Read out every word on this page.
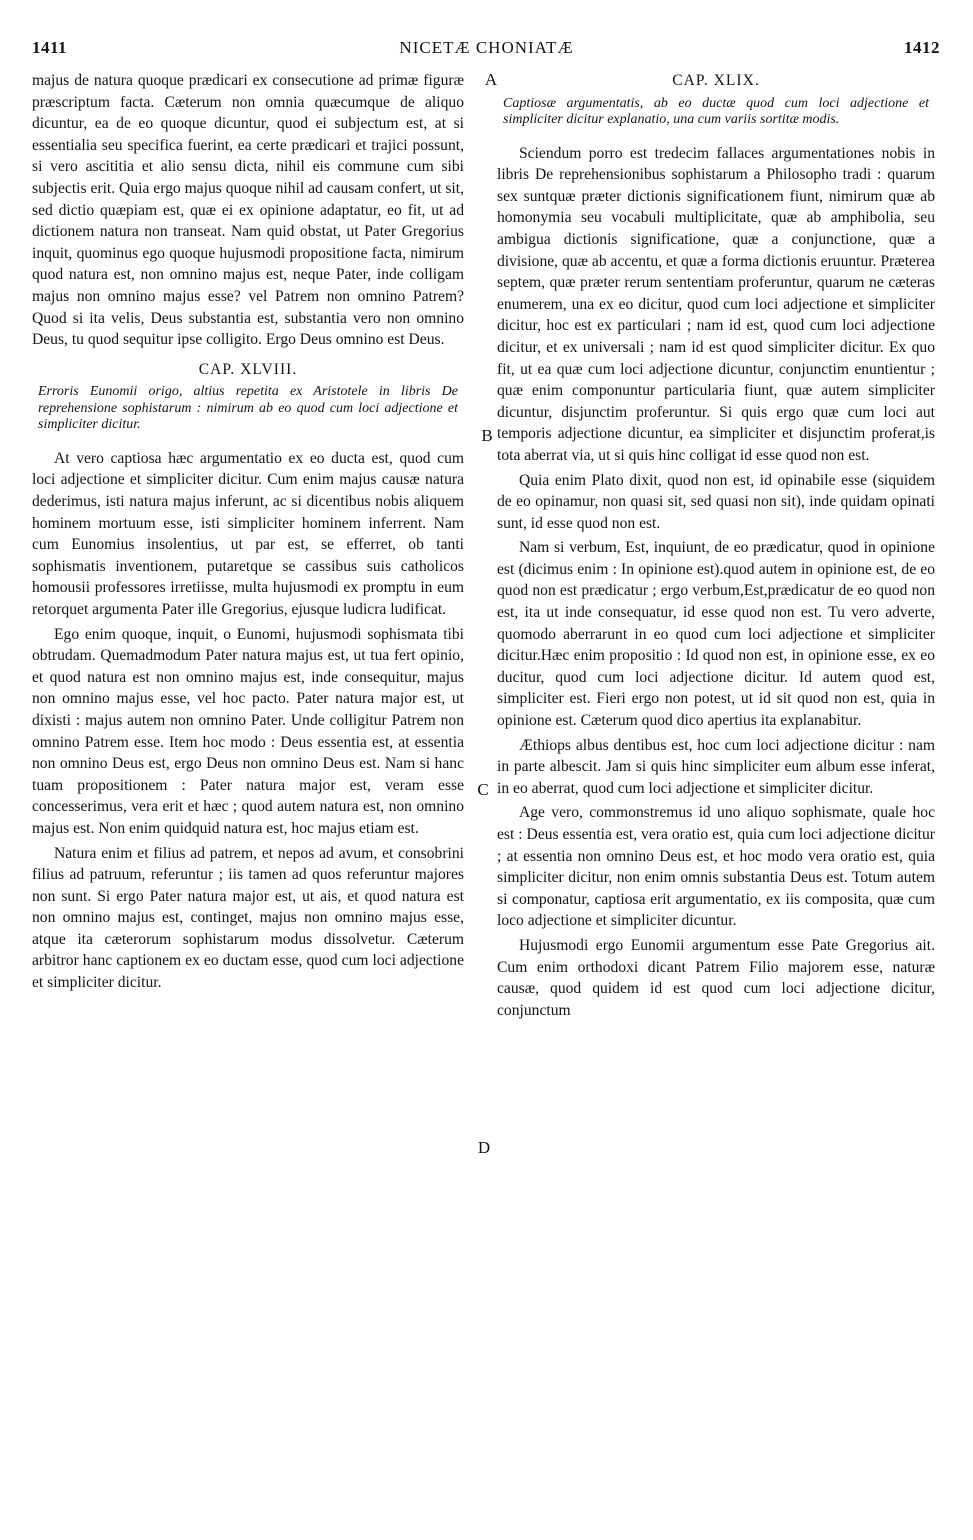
1411	NICETÆ CHONIATÆ	1412
A
B
C
D

majus de natura quoque prædicari ex consecutione ad primæ figuræ præscriptum facta. Cæterum non omnia quæcumque de aliquo dicuntur, ea de eo quoque dicuntur, quod ei subjectum est, at si essentialia seu specifica fuerint, ea certe prædicari et trajici possunt, si vero ascititia et alio sensu dicta, nihil eis commune cum sibi subjectis erit. Quia ergo majus quoque nihil ad causam confert, ut sit, sed dictio quæpiam est, quæ ei ex opinione adaptatur, eo fit, ut ad dictionem natura non transeat. Nam quid obstat, ut Pater Gregorius inquit, quominus ego quoque hujusmodi propositione facta, nimirum quod natura est, non omnino majus est, neque Pater, inde colligam majus non omnino majus esse? vel Patrem non omnino Patrem? Quod si ita velis, Deus substantia est, substantia vero non omnino Deus, tu quod sequitur ipse colligito. Ergo Deus omnino est Deus.

CAP. XLVIII.
Erroris Eunomii origo, altius repetita ex Aristotele in libris De reprehensione sophistarum : nimirum ab eo quod cum loci adjectione et simpliciter dicitur.

At vero captiosa hæc argumentatio ex eo ducta est, quod cum loci adjectione et simpliciter dicitur. Cum enim majus causæ natura dederimus, isti natura majus inferunt, ac si dicentibus nobis aliquem hominem mortuum esse, isti simpliciter hominem inferrent. Nam cum Eunomius insolentius, ut par est, se efferret, ob tanti sophismatis inventionem, putaretque se cassibus suis catholicos homousii professores irretiisse, multa hujusmodi ex promptu in eum retorquet argumenta Pater ille Gregorius, ejusque ludicra ludificat.

Ego enim quoque, inquit, o Eunomi, hujusmodi sophismata tibi obtrudam. Quemadmodum Pater natura majus est, ut tua fert opinio, et quod natura est non omnino majus est, inde consequitur, majus non omnino majus esse, vel hoc pacto. Pater natura major est, ut dixisti : majus autem non omnino Pater. Unde colligitur Patrem non omnino Patrem esse. Item hoc modo : Deus essentia est, at essentia non omnino Deus est, ergo Deus non omnino Deus est. Nam si hanc tuam propositionem : Pater natura major est, veram esse concesserimus, vera erit et hæc ; quod autem natura est, non omnino majus est. Non enim quidquid natura est, hoc majus etiam est.

Natura enim et filius ad patrem, et nepos ad avum, et consobrini filius ad patruum, referuntur ; iis tamen ad quos referuntur majores non sunt. Si ergo Pater natura major est, ut ais, et quod natura est non omnino majus est, continget, majus non omnino majus esse, atque ita cæterorum sophistarum modus dissolvetur. Cæterum arbitror hanc captionem ex eo ductam esse, quod cum loci adjectione et simpliciter dicitur.

CAP. XLIX.
Captiosæ argumentatis, ab eo ductæ quod cum loci adjectione et simpliciter dicitur explanatio, una cum variis sortitæ modis.

Sciendum porro est tredecim fallaces argumentationes nobis in libris De reprehensionibus sophistarum a Philosopho tradi : quarum sex suntquæ præter dictionis significationem fiunt, nimirum quæ ab homonymia seu vocabuli multiplicitate, quæ ab amphibolia, seu ambigua dictionis significatione, quæ a conjunctione, quæ a divisione, quæ ab accentu, et quæ a forma dictionis eruuntur. Præterea septem, quæ præter rerum sententiam proferuntur, quarum ne cæteras enumerem, una ex eo dicitur, quod cum loci adjectione et simpliciter dicitur, hoc est ex particulari ; nam id est, quod cum loci adjectione dicitur, et ex universali ; nam id est quod simpliciter dicitur. Ex quo fit, ut ea quæ cum loci adjectione dicuntur, conjunctim enuntientur ; quæ enim componuntur particularia fiunt, quæ autem simpliciter dicuntur, disjunctim proferuntur. Si quis ergo quæ cum loci aut temporis adjectione dicuntur, ea simpliciter et disjunctim proferat,is tota aberrat via, ut si quis hinc colligat id esse quod non est.

Quia enim Plato dixit, quod non est, id opinabile esse (siquidem de eo opinamur, non quasi sit, sed quasi non sit), inde quidam opinati sunt, id esse quod non est.

Nam si verbum, Est, inquiunt, de eo prædicatur, quod in opinione est (dicimus enim : In opinione est).quod autem in opinione est, de eo quod non est prædicatur ; ergo verbum,Est,prædicatur de eo quod non est, ita ut inde consequatur, id esse quod non est. Tu vero adverte, quomodo aberrarunt in eo quod cum loci adjectione et simpliciter dicitur.Hæc enim propositio : Id quod non est, in opinione esse, ex eo ducitur, quod cum loci adjectione dicitur. Id autem quod est, simpliciter est. Fieri ergo non potest, ut id sit quod non est, quia in opinione est. Cæterum quod dico apertius ita explanabitur.

Æthiops albus dentibus est, hoc cum loci adjectione dicitur : nam in parte albescit. Jam si quis hinc simpliciter eum album esse inferat, in eo aberrat, quod cum loci adjectione et simpliciter dicitur.

Age vero, commonstremus id uno aliquo sophismate, quale hoc est : Deus essentia est, vera oratio est, quia cum loci adjectione dicitur ; at essentia non omnino Deus est, et hoc modo vera oratio est, quia simpliciter dicitur, non enim omnis substantia Deus est. Totum autem si componatur, captiosa erit argumentatio, ex iis composita, quæ cum loco adjectione et simpliciter dicuntur.

Hujusmodi ergo Eunomii argumentum esse Pate Gregorius ait. Cum enim orthodoxi dicant Patrem Filio majorem esse, naturæ causæ, quod quidem id est quod cum loci adjectione dicitur, conjunctum
